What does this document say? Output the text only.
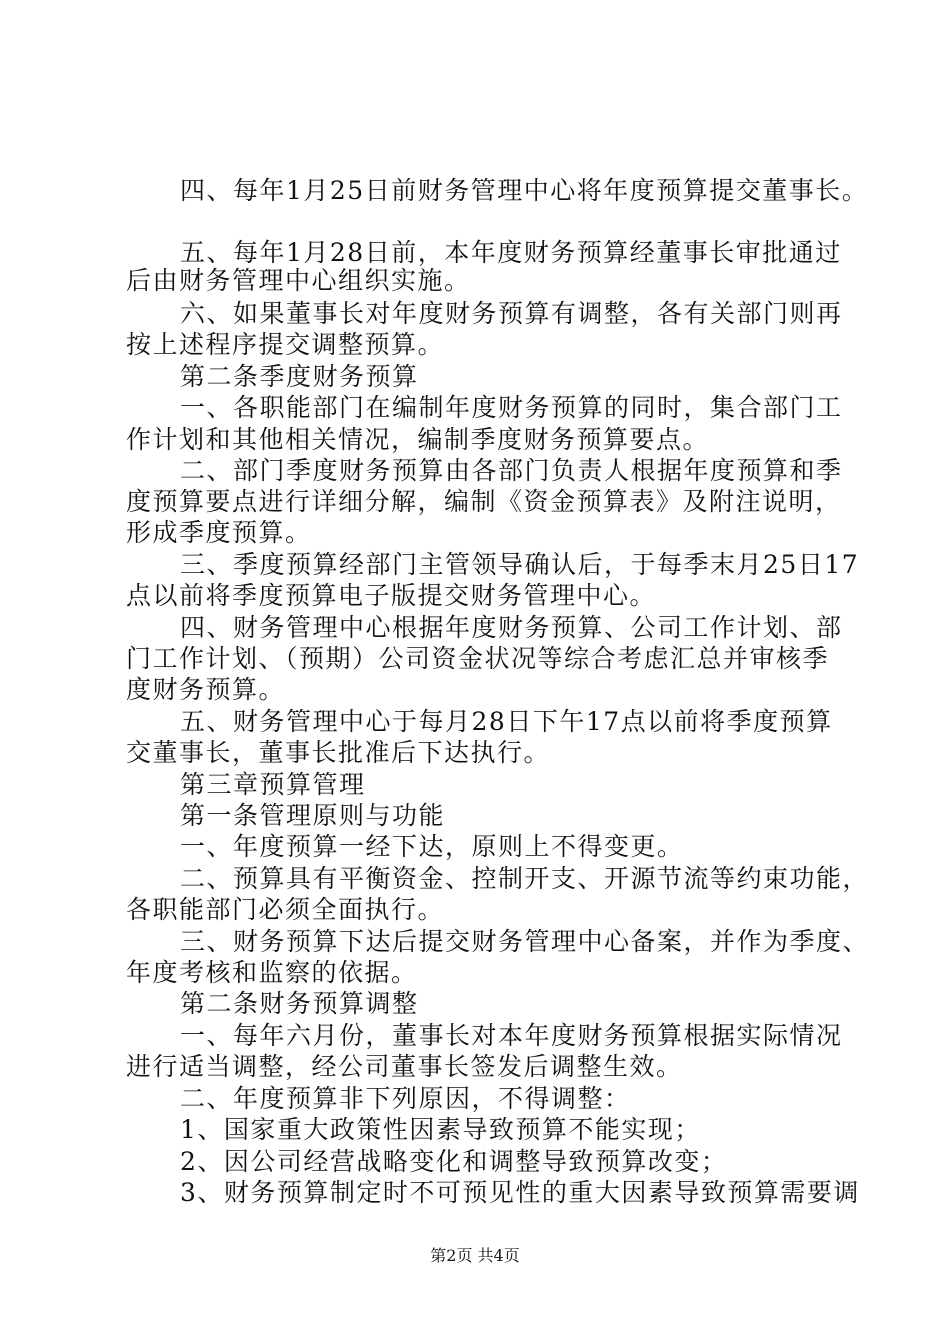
四、每年1月25日前财务管理中心将年度预算提交董事长。
五、每年1月28日前，本年度财务预算经董事长审批通过
后由财务管理中心组织实施。
六、如果董事长对年度财务预算有调整，各有关部门则再
按上述程序提交调整预算。
第二条季度财务预算
一、各职能部门在编制年度财务预算的同时，集合部门工
作计划和其他相关情况，编制季度财务预算要点。
二、部门季度财务预算由各部门负责人根据年度预算和季
度预算要点进行详细分解，编制《资金预算表》及附注说明，
形成季度预算。
三、季度预算经部门主管领导确认后，于每季末月25日17
点以前将季度预算电子版提交财务管理中心。
四、财务管理中心根据年度财务预算、公司工作计划、部
门工作计划、（预期）公司资金状况等综合考虑汇总并审核季
度财务预算。
五、财务管理中心于每月28日下午17点以前将季度预算
交董事长，董事长批准后下达执行。
第三章预算管理
第一条管理原则与功能
一、年度预算一经下达，原则上不得变更。
二、预算具有平衡资金、控制开支、开源节流等约束功能，
各职能部门必须全面执行。
三、财务预算下达后提交财务管理中心备案，并作为季度、
年度考核和监察的依据。
第二条财务预算调整
一、每年六月份，董事长对本年度财务预算根据实际情况
进行适当调整，经公司董事长签发后调整生效。
二、年度预算非下列原因，不得调整：
1、国家重大政策性因素导致预算不能实现；
2、因公司经营战略变化和调整导致预算改变；
3、财务预算制定时不可预见性的重大因素导致预算需要调
第2页 共4页
